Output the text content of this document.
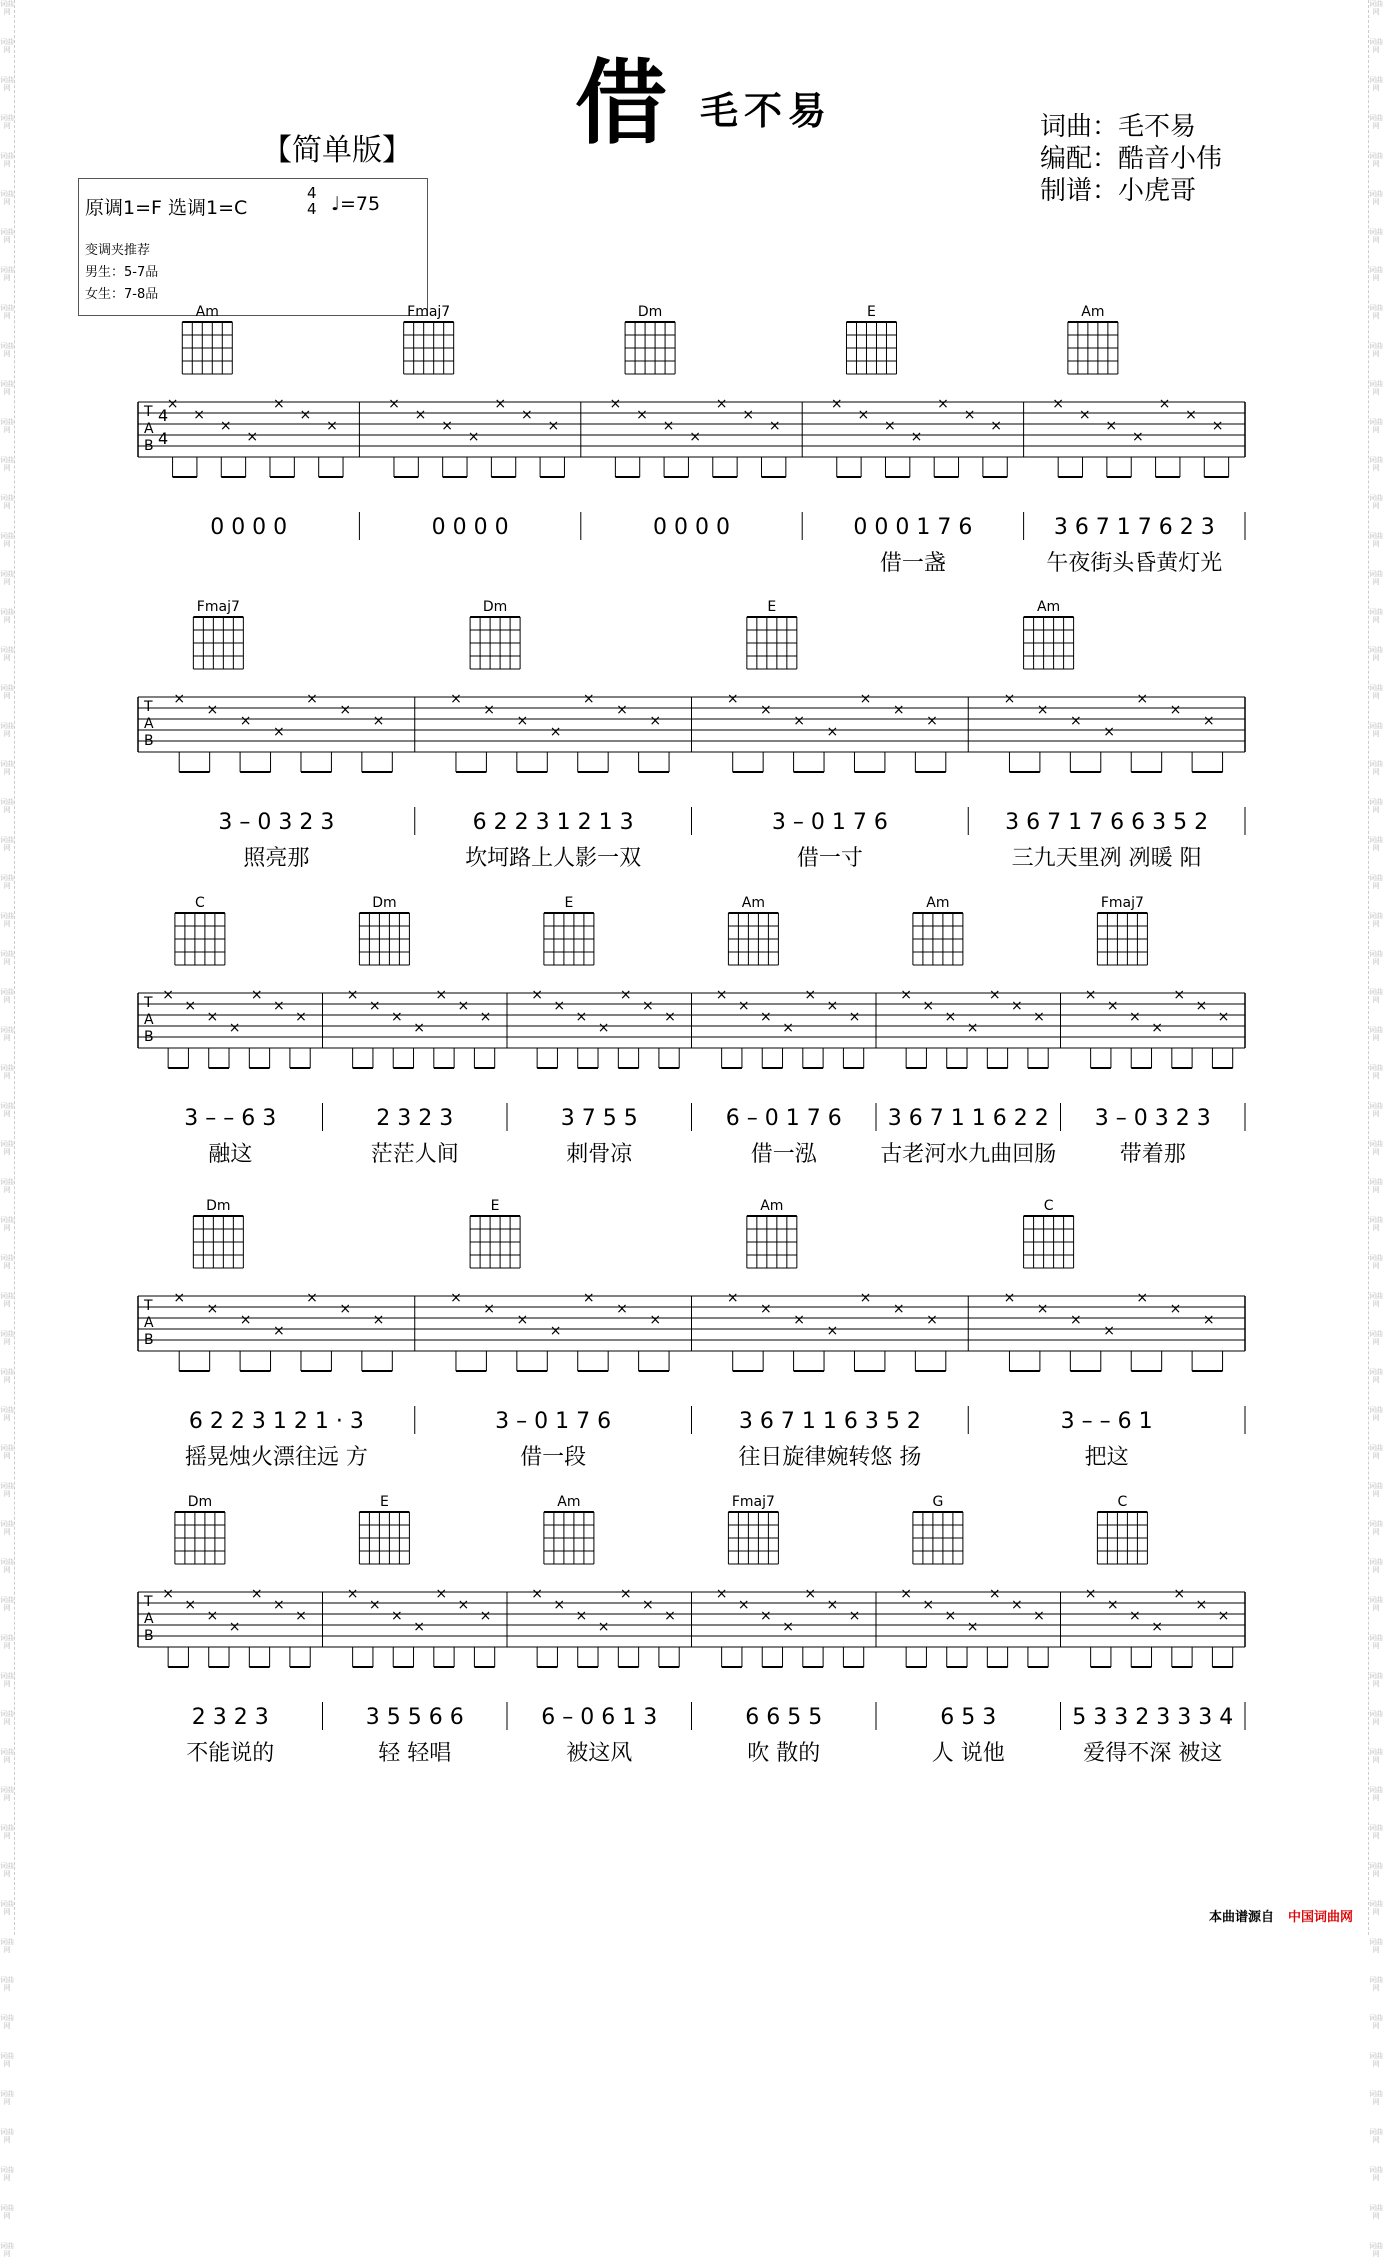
词曲网
词曲网
词曲网
词曲网
词曲网
词曲网
词曲网
词曲网
词曲网
词曲网
词曲网
词曲网
词曲网
词曲网
词曲网
词曲网
词曲网
词曲网
词曲网
词曲网
词曲网
词曲网
词曲网
词曲网
词曲网
词曲网
词曲网
词曲网
词曲网
词曲网
词曲网
词曲网
词曲网
词曲网
词曲网
词曲网
词曲网
词曲网
词曲网
词曲网
词曲网
词曲网
词曲网
词曲网
词曲网
词曲网
词曲网
词曲网
词曲网
词曲网
词曲网
词曲网
词曲网
词曲网
词曲网
词曲网
词曲网
词曲网
词曲网
词曲网
词曲网
词曲网
词曲网
词曲网
词曲网
词曲网
词曲网
词曲网
词曲网
词曲网
词曲网
词曲网
词曲网
词曲网
词曲网
词曲网
词曲网
词曲网
词曲网
词曲网
词曲网
词曲网
词曲网
词曲网
词曲网
词曲网
词曲网
词曲网
词曲网
词曲网
词曲网
词曲网
词曲网
词曲网
词曲网
词曲网
词曲网
词曲网
词曲网
词曲网
词曲网
词曲网
词曲网
词曲网
词曲网
词曲网
词曲网
词曲网
词曲网
词曲网
词曲网
词曲网
词曲网
词曲网
词曲网
词曲网
词曲网
词曲网
词曲网
词曲网
借 毛不易
【简单版】
词曲：毛不易
编配：酷音小伟
制谱：小虎哥
原调1=F 选调1=C
4
4 ♩=75
变调夹推荐
男生：5-7品
女生：7-8品
T
A
B
4
4
Am
×
×
×
×
×
×
×
0 0 0 0
Fmaj7
×
×
×
×
×
×
×
0 0 0 0
Dm
×
×
×
×
×
×
×
0 0 0 0
E
×
×
×
×
×
×
×
0 0 0 1 7 6
借一盏
Am
×
×
×
×
×
×
×
3 6 7 1 7 6 2 3
午夜街头昏黄灯光
T
A
B
Fmaj7
×
×
×
×
×
×
×
3 – 0 3 2 3
照亮那
Dm
×
×
×
×
×
×
×
6 2 2 3 1 2 1 3
坎坷路上人影一双
E
×
×
×
×
×
×
×
3 – 0 1 7 6
借一寸
Am
×
×
×
×
×
×
×
3 6 7 1 7 6 6 3 5 2
三九天里冽 冽暖 阳
T
A
B
C
×
×
×
×
×
×
×
3 – – 6 3
融这
Dm
×
×
×
×
×
×
×
2 3 2 3
茫茫人间
E
×
×
×
×
×
×
×
3 7 5 5
刺骨凉
Am
×
×
×
×
×
×
×
6 – 0 1 7 6
借一泓
Am
×
×
×
×
×
×
×
3 6 7 1 1 6 2 2
古老河水九曲回肠
Fmaj7
×
×
×
×
×
×
×
3 – 0 3 2 3
带着那
T
A
B
Dm
×
×
×
×
×
×
×
6 2 2 3 1 2 1 · 3
摇晃烛火漂往远 方
E
×
×
×
×
×
×
×
3 – 0 1 7 6
借一段
Am
×
×
×
×
×
×
×
3 6 7 1 1 6 3 5 2
往日旋律婉转悠 扬
C
×
×
×
×
×
×
×
3 – – 6 1
把这
T
A
B
Dm
×
×
×
×
×
×
×
2 3 2 3
不能说的
E
×
×
×
×
×
×
×
3 5 5 6 6
轻 轻唱
Am
×
×
×
×
×
×
×
6 – 0 6 1 3
被这风
Fmaj7
×
×
×
×
×
×
×
6 6 5 5
吹 散的
G
×
×
×
×
×
×
×
6 5 3
人 说他
C
×
×
×
×
×
×
×
5 3 3 2 3 3 3 4
爱得不深 被这
本曲谱源自 中国词曲网
